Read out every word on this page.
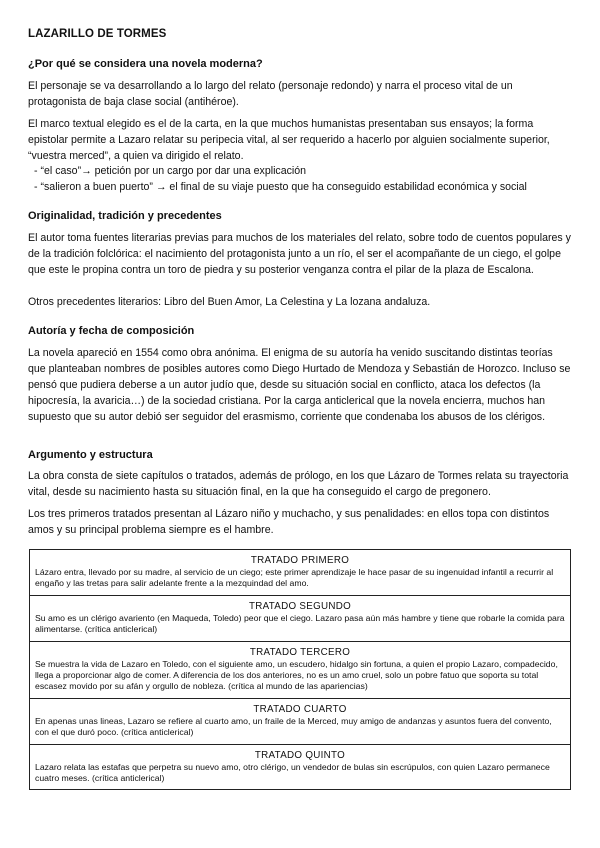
LAZARILLO DE TORMES
¿Por qué se considera una novela moderna?
El personaje se va desarrollando a lo largo del relato (personaje redondo) y narra el proceso vital de un protagonista de baja clase social (antihéroe).
El marco textual elegido es el de la carta, en la que muchos humanistas presentaban sus ensayos; la forma epistolar permite a Lazaro relatar su peripecia vital, al ser requerido a hacerlo por alguien socialmente superior, “vuestra merced”, a quien va dirigido el relato.
- “el caso”→ petición por un cargo por dar una explicación
- “salieron a buen puerto” → el final de su viaje puesto que ha conseguido estabilidad económica y social
Originalidad, tradición y precedentes
El autor toma fuentes literarias previas para muchos de los materiales del relato, sobre todo de cuentos populares y de la tradición folclórica: el nacimiento del protagonista junto a un río, el ser el acompañante de un ciego, el golpe que este le propina contra un toro de piedra y su posterior venganza contra el pilar de la plaza de Escalona.
Otros precedentes literarios: Libro del Buen Amor, La Celestina y La lozana andaluza.
Autoría y fecha de composición
La novela apareció en 1554 como obra anónima. El enigma de su autoría ha venido suscitando distintas teorías que planteaban nombres de posibles autores como Diego Hurtado de Mendoza y Sebastián de Horozco. Incluso se pensó que pudiera deberse a un autor judío que, desde su situación social en conflicto, ataca los defectos (la hipocresía, la avaricia…) de la sociedad cristiana. Por la carga anticlerical que la novela encierra, muchos han supuesto que su autor debió ser seguidor del erasmismo, corriente que condenaba los abusos de los clérigos.
Argumento y estructura
La obra consta de siete capítulos o tratados, además de prólogo, en los que Lázaro de Tormes relata su trayectoria vital, desde su nacimiento hasta su situación final, en la que ha conseguido el cargo de pregonero.
Los tres primeros tratados presentan al Lázaro niño y muchacho, y sus penalidades: en ellos topa con distintos amos y su principal problema siempre es el hambre.
TRATADO PRIMERO
Lázaro entra, llevado por su madre, al servicio de un ciego; este primer aprendizaje le hace pasar de su ingenuidad infantil a recurrir al engaño y las tretas para salir adelante frente a la mezquindad del amo.
TRATADO SEGUNDO
Su amo es un clérigo avariento (en Maqueda, Toledo) peor que el ciego. Lazaro pasa aún más hambre y tiene que robarle la comida para alimentarse. (crítica anticlerical)
TRATADO TERCERO
Se muestra la vida de Lazaro en Toledo, con el siguiente amo, un escudero, hidalgo sin fortuna, a quien el propio Lazaro, compadecido, llega a proporcionar algo de comer. A diferencia de los dos anteriores, no es un amo cruel, solo un pobre fatuo que soporta su total escasez movido por su afán y orgullo de nobleza. (crítica al mundo de las apariencias)
TRATADO CUARTO
En apenas unas lineas, Lazaro se refiere al cuarto amo, un fraile de la Merced, muy amigo de andanzas y asuntos fuera del convento, con el que duró poco. (crítica anticlerical)
TRATADO QUINTO
Lazaro relata las estafas que perpetra su nuevo amo, otro clérigo, un vendedor de bulas sin escrúpulos, con quien Lazaro permanece cuatro meses. (crítica anticlerical)
